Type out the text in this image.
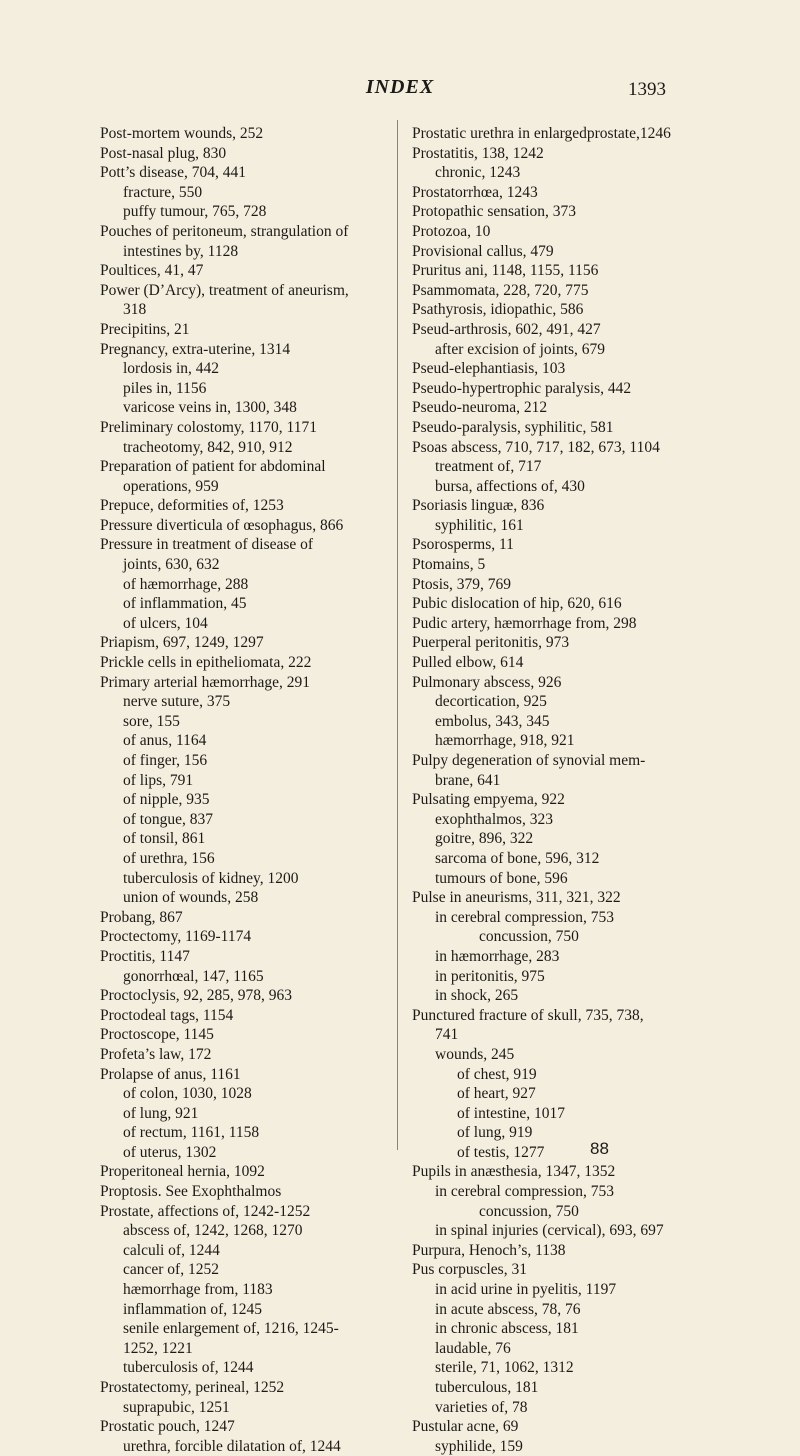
INDEX	1393
Post-mortem wounds, 252
Post-nasal plug, 830
Pott’s disease, 704, 441
fracture, 550
puffy tumour, 765, 728
Pouches of peritoneum, strangulation of
intestines by, 1128
Poultices, 41, 47
Power (D’Arcy), treatment of aneurism,
318
Precipitins, 21
Pregnancy, extra-uterine, 1314
lordosis in, 442
piles in, 1156
varicose veins in, 1300, 348
Preliminary colostomy, 1170, 1171
tracheotomy, 842, 910, 912
Preparation of patient for abdominal
operations, 959
Prepuce, deformities of, 1253
Pressure diverticula of œsophagus, 866
Pressure in treatment of disease of
joints, 630, 632
of hæmorrhage, 288
of inflammation, 45
of ulcers, 104
Priapism, 697, 1249, 1297
Prickle cells in epitheliomata, 222
Primary arterial hæmorrhage, 291
nerve suture, 375
sore, 155
of anus, 1164
of finger, 156
of lips, 791
of nipple, 935
of tongue, 837
of tonsil, 861
of urethra, 156
tuberculosis of kidney, 1200
union of wounds, 258
Probang, 867
Proctectomy, 1169-1174
Proctitis, 1147
gonorrhœal, 147, 1165
Proctoclysis, 92, 285, 978, 963
Proctodeal tags, 1154
Proctoscope, 1145
Profeta’s law, 172
Prolapse of anus, 1161
of colon, 1030, 1028
of lung, 921
of rectum, 1161, 1158
of uterus, 1302
Properitoneal hernia, 1092
Proptosis. See Exophthalmos
Prostate, affections of, 1242-1252
abscess of, 1242, 1268, 1270
calculi of, 1244
cancer of, 1252
hæmorrhage from, 1183
inflammation of, 1245
senile enlargement of, 1216, 1245-
1252, 1221
tuberculosis of, 1244
Prostatectomy, perineal, 1252
suprapubic, 1251
Prostatic pouch, 1247
urethra, forcible dilatation of, 1244
Prostatic urethra in enlargedprostate,1246
Prostatitis, 138, 1242
chronic, 1243
Prostatorrhœa, 1243
Protopathic sensation, 373
Protozoa, 10
Provisional callus, 479
Pruritus ani, 1148, 1155, 1156
Psammomata, 228, 720, 775
Psathyrosis, idiopathic, 586
Pseud-arthrosis, 602, 491, 427
after excision of joints, 679
Pseud-elephantiasis, 103
Pseudo-hypertrophic paralysis, 442
Pseudo-neuroma, 212
Pseudo-paralysis, syphilitic, 581
Psoas abscess, 710, 717, 182, 673, 1104
treatment of, 717
bursa, affections of, 430
Psoriasis linguæ, 836
syphilitic, 161
Psorosperms, 11
Ptomains, 5
Ptosis, 379, 769
Pubic dislocation of hip, 620, 616
Pudic artery, hæmorrhage from, 298
Puerperal peritonitis, 973
Pulled elbow, 614
Pulmonary abscess, 926
decortication, 925
embolus, 343, 345
hæmorrhage, 918, 921
Pulpy degeneration of synovial mem-
brane, 641
Pulsating empyema, 922
exophthalmos, 323
goitre, 896, 322
sarcoma of bone, 596, 312
tumours of bone, 596
Pulse in aneurisms, 311, 321, 322
in cerebral compression, 753
concussion, 750
in hæmorrhage, 283
in peritonitis, 975
in shock, 265
Punctured fracture of skull, 735, 738,
741
wounds, 245
of chest, 919
of heart, 927
of intestine, 1017
of lung, 919
of testis, 1277
Pupils in anæsthesia, 1347, 1352
in cerebral compression, 753
concussion, 750
in spinal injuries (cervical), 693, 697
Purpura, Henoch’s, 1138
Pus corpuscles, 31
in acid urine in pyelitis, 1197
in acute abscess, 78, 76
in chronic abscess, 181
laudable, 76
sterile, 71, 1062, 1312
tuberculous, 181
varieties of, 78
Pustular acne, 69
syphilide, 159
88
